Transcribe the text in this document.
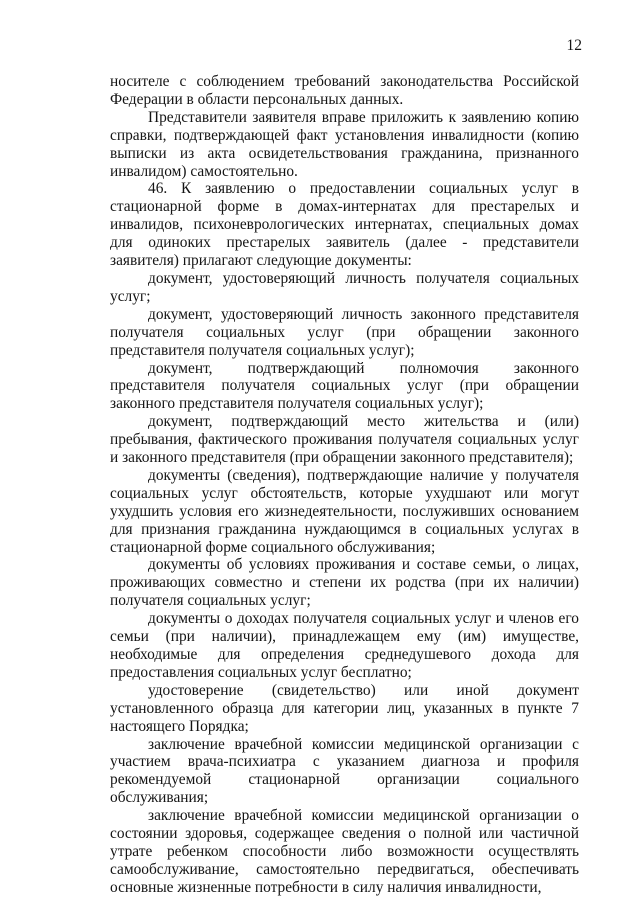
12

носителе с соблюдением требований законодательства Российской Федерации в области персональных данных.

Представители заявителя вправе приложить к заявлению копию справки, подтверждающей факт установления инвалидности (копию выписки из акта освидетельствования гражданина, признанного инвалидом) самостоятельно.

46. К заявлению о предоставлении социальных услуг в стационарной форме в домах-интернатах для престарелых и инвалидов, психоневрологических интернатах, специальных домах для одиноких престарелых заявитель (далее - представители заявителя) прилагают следующие документы:

документ, удостоверяющий личность получателя социальных услуг;

документ, удостоверяющий личность законного представителя получателя социальных услуг (при обращении законного представителя получателя социальных услуг);

документ, подтверждающий полномочия законного представителя получателя социальных услуг (при обращении законного представителя получателя социальных услуг);

документ, подтверждающий место жительства и (или) пребывания, фактического проживания получателя социальных услуг и законного представителя (при обращении законного представителя);

документы (сведения), подтверждающие наличие у получателя социальных услуг обстоятельств, которые ухудшают или могут ухудшить условия его жизнедеятельности, послуживших основанием для признания гражданина нуждающимся в социальных услугах в стационарной форме социального обслуживания;

документы об условиях проживания и составе семьи, о лицах, проживающих совместно и степени их родства (при их наличии) получателя социальных услуг;

документы о доходах получателя социальных услуг и членов его семьи (при наличии), принадлежащем ему (им) имуществе, необходимые для определения среднедушевого дохода для предоставления социальных услуг бесплатно;

удостоверение (свидетельство) или иной документ установленного образца для категории лиц, указанных в пункте 7 настоящего Порядка;

заключение врачебной комиссии медицинской организации с участием врача-психиатра с указанием диагноза и профиля рекомендуемой стационарной организации социального обслуживания;

заключение врачебной комиссии медицинской организации о состоянии здоровья, содержащее сведения о полной или частичной утрате ребенком способности либо возможности осуществлять самообслуживание, самостоятельно передвигаться, обеспечивать основные жизненные потребности в силу наличия инвалидности,
